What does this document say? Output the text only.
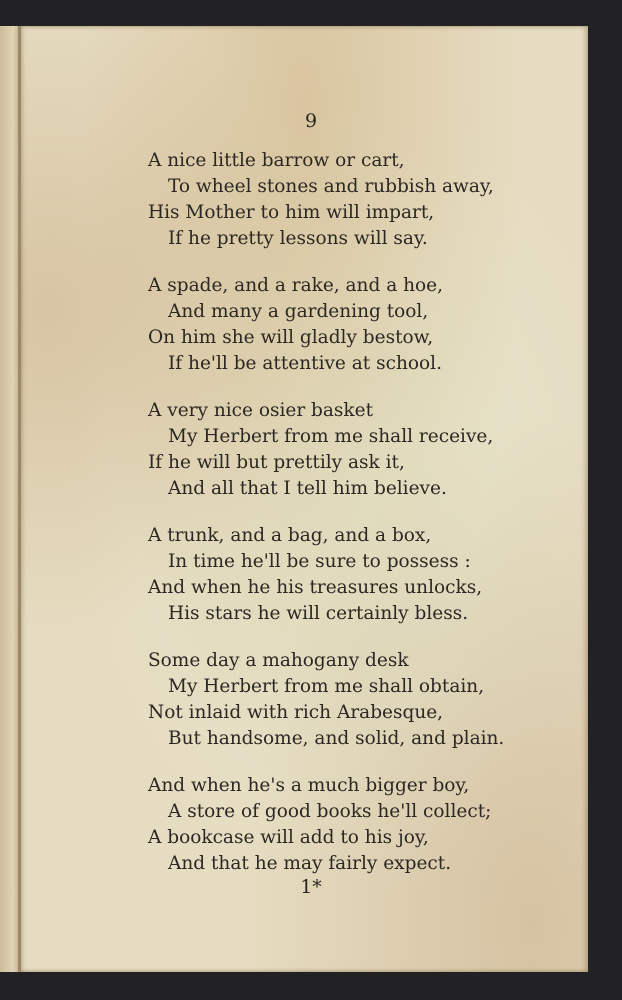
9
A nice little barrow or cart,
To wheel stones and rubbish away,
His Mother to him will impart,
If he pretty lessons will say.
A spade, and a rake, and a hoe,
And many a gardening tool,
On him she will gladly bestow,
If he'll be attentive at school.
A very nice osier basket
My Herbert from me shall receive,
If he will but prettily ask it,
And all that I tell him believe.
A trunk, and a bag, and a box,
In time he'll be sure to possess :
And when he his treasures unlocks,
His stars he will certainly bless.
Some day a mahogany desk
My Herbert from me shall obtain,
Not inlaid with rich Arabesque,
But handsome, and solid, and plain.
And when he's a much bigger boy,
A store of good books he'll collect;
A bookcase will add to his joy,
And that he may fairly expect.
1*
